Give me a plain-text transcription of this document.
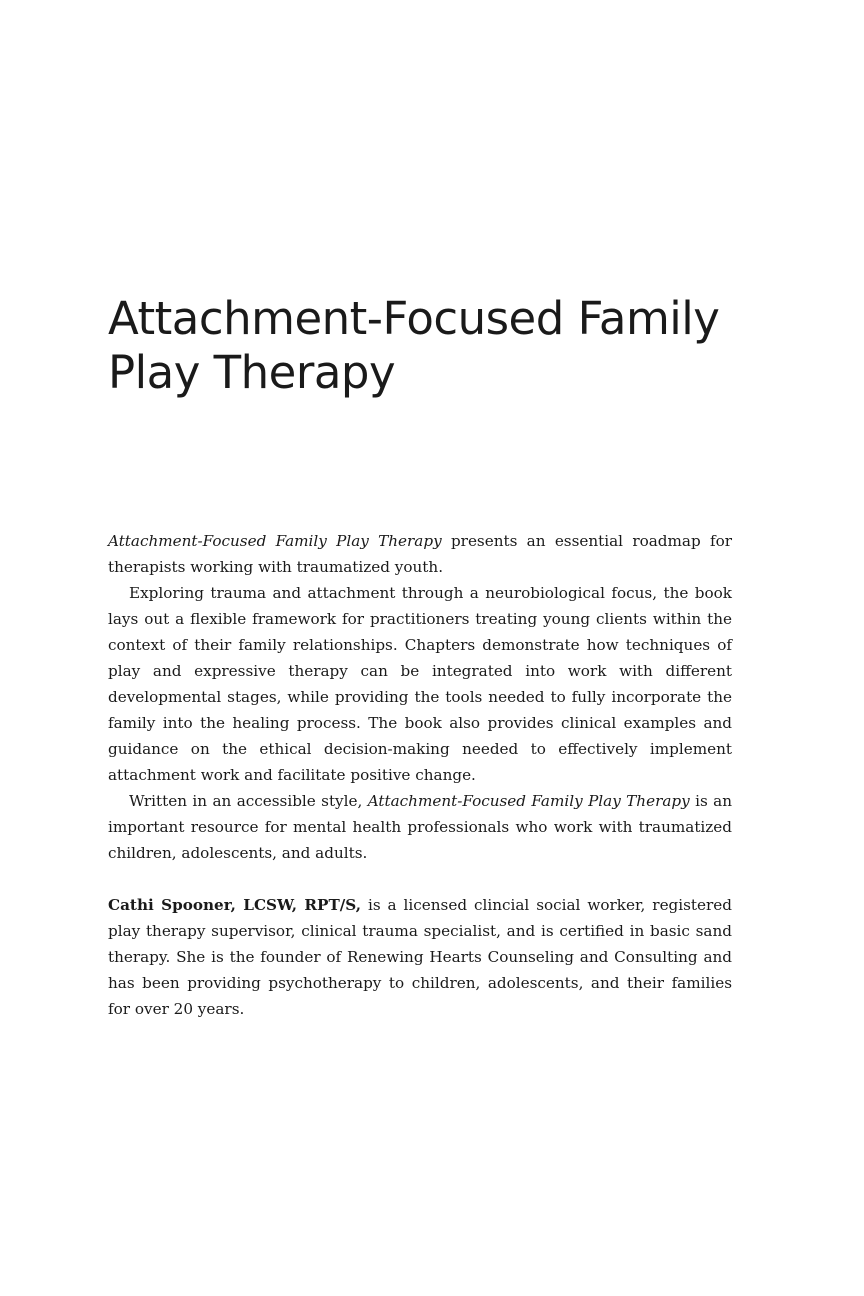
Attachment-Focused Family
Play Therapy

Attachment-Focused Family Play Therapy presents an essential roadmap for therapists working with traumatized youth.

Exploring trauma and attachment through a neurobiological focus, the book lays out a flexible framework for practitioners treating young clients within the context of their family relationships. Chapters demonstrate how techniques of play and expressive therapy can be integrated into work with different developmental stages, while providing the tools needed to fully incorporate the family into the healing process. The book also provides clinical examples and guidance on the ethical decision-making needed to effectively implement attachment work and facilitate positive change.

Written in an accessible style, Attachment-Focused Family Play Therapy is an important resource for mental health professionals who work with traumatized children, adolescents, and adults.

Cathi Spooner, LCSW, RPT/S, is a licensed clincial social worker, registered play therapy supervisor, clinical trauma specialist, and is certified in basic sand therapy. She is the founder of Renewing Hearts Counseling and Consulting and has been providing psychotherapy to children, adolescents, and their families for over 20 years.
